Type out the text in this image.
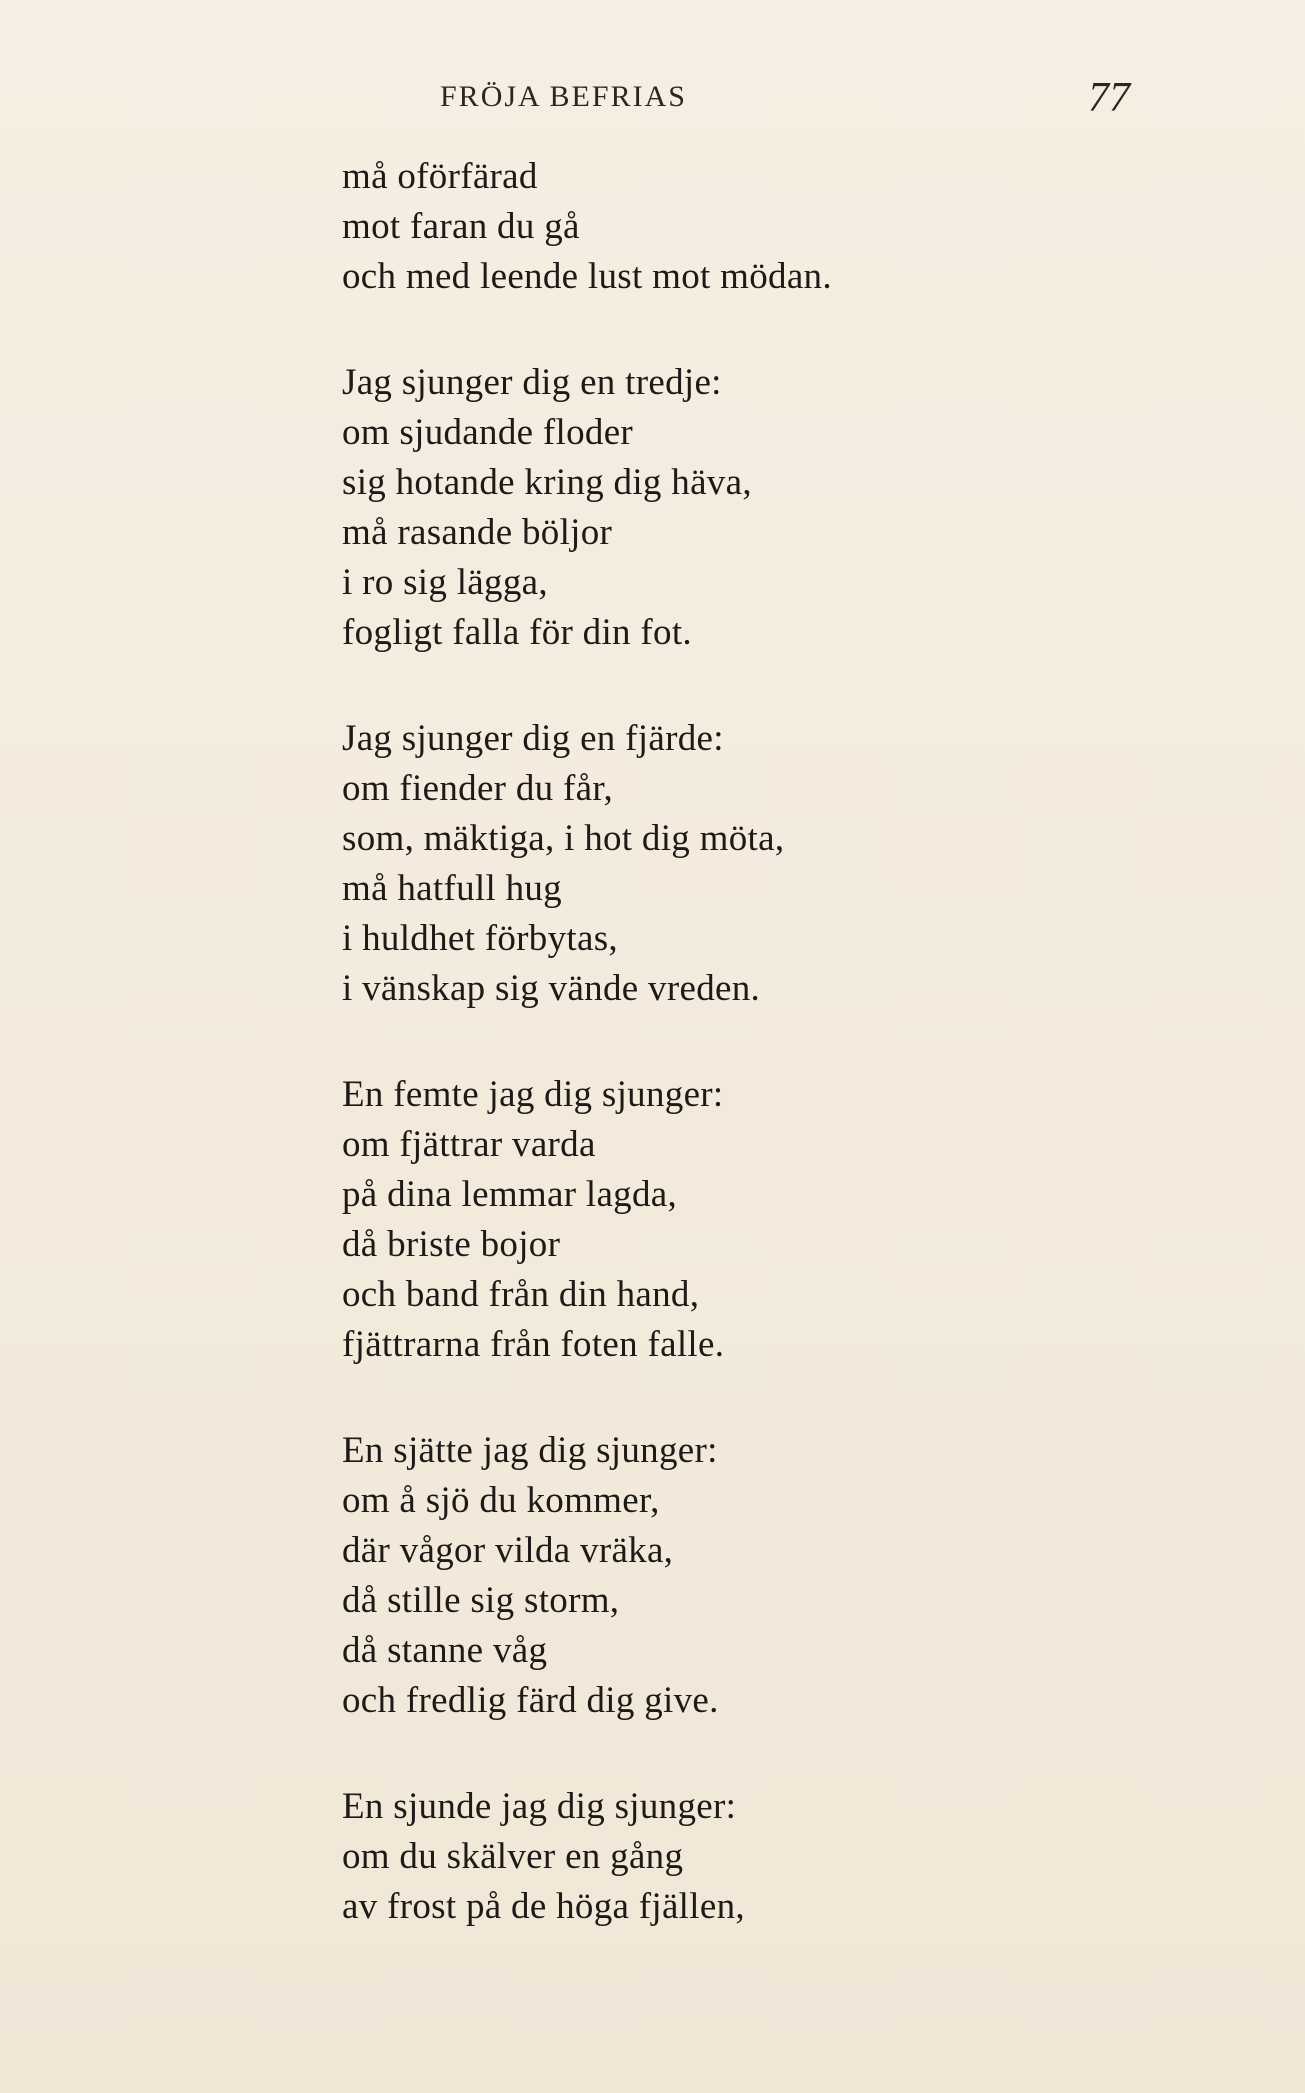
FRÖJA BEFRIAS	77
må oförfärad
mot faran du gå
och med leende lust mot mödan.
Jag sjunger dig en tredje:
om sjudande floder
sig hotande kring dig häva,
må rasande böljor
i ro sig lägga,
fogligt falla för din fot.
Jag sjunger dig en fjärde:
om fiender du får,
som, mäktiga, i hot dig möta,
må hatfull hug
i huldhet förbytas,
i vänskap sig vände vreden.
En femte jag dig sjunger:
om fjättrar varda
på dina lemmar lagda,
då briste bojor
och band från din hand,
fjättrarna från foten falle.
En sjätte jag dig sjunger:
om å sjö du kommer,
där vågor vilda vräka,
då stille sig storm,
då stanne våg
och fredlig färd dig give.
En sjunde jag dig sjunger:
om du skälver en gång
av frost på de höga fjällen,
